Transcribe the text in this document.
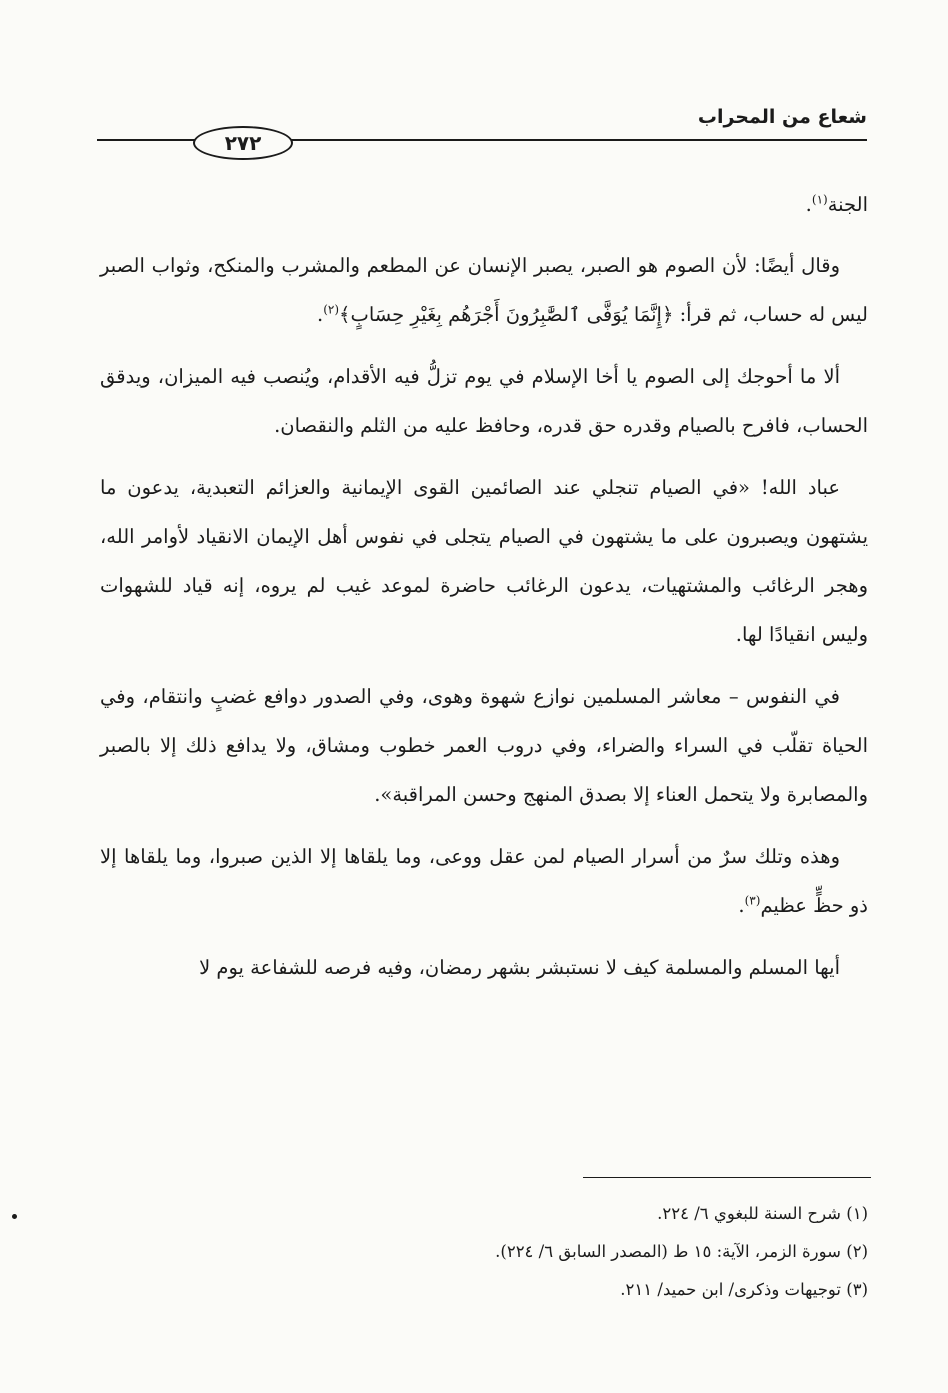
شعاع من المحراب
٢٧٢

الجنة$^{(١)}$.

وقال أيضًا: لأن الصوم هو الصبر، يصبر الإنسان عن المطعم والمشرب والمنكح، وثواب الصبر ليس له حساب، ثم قرأ: ﴿إِنَّمَا يُوَفَّى ٱلصَّٰبِرُونَ أَجْرَهُم بِغَيْرِ حِسَابٍ﴾$^{(٢)}$.

ألا ما أحوجك إلى الصوم يا أخا الإسلام في يوم تزلُّ فيه الأقدام، ويُنصب فيه الميزان، ويدقق الحساب، فافرح بالصيام وقدره حق قدره، وحافظ عليه من الثلم والنقصان.

عباد الله! «في الصيام تنجلي عند الصائمين القوى الإيمانية والعزائم التعبدية، يدعون ما يشتهون ويصبرون على ما يشتهون في الصيام يتجلى في نفوس أهل الإيمان الانقياد لأوامر الله، وهجر الرغائب والمشتهيات، يدعون الرغائب حاضرة لموعد غيب لم يروه، إنه قياد للشهوات وليس انقيادًا لها.

في النفوس – معاشر المسلمين نوازع شهوة وهوى، وفي الصدور دوافع غضبٍ وانتقام، وفي الحياة تقلّب في السراء والضراء، وفي دروب العمر خطوب ومشاق، ولا يدافع ذلك إلا بالصبر والمصابرة ولا يتحمل العناء إلا بصدق المنهج وحسن المراقبة».

وهذه وتلك سرٌ من أسرار الصيام لمن عقل ووعى، وما يلقاها إلا الذين صبروا، وما يلقاها إلا ذو حظٍّ عظيم$^{(٣)}$.

أيها المسلم والمسلمة كيف لا نستبشر بشهر رمضان، وفيه فرصه للشفاعة يوم لا

(١) شرح السنة للبغوي ٦/ ٢٢٤.

(٢) سورة الزمر، الآية: ١٥ ط (المصدر السابق ٦/ ٢٢٤).

(٣) توجيهات وذكرى/ ابن حميد/ ٢١١.
